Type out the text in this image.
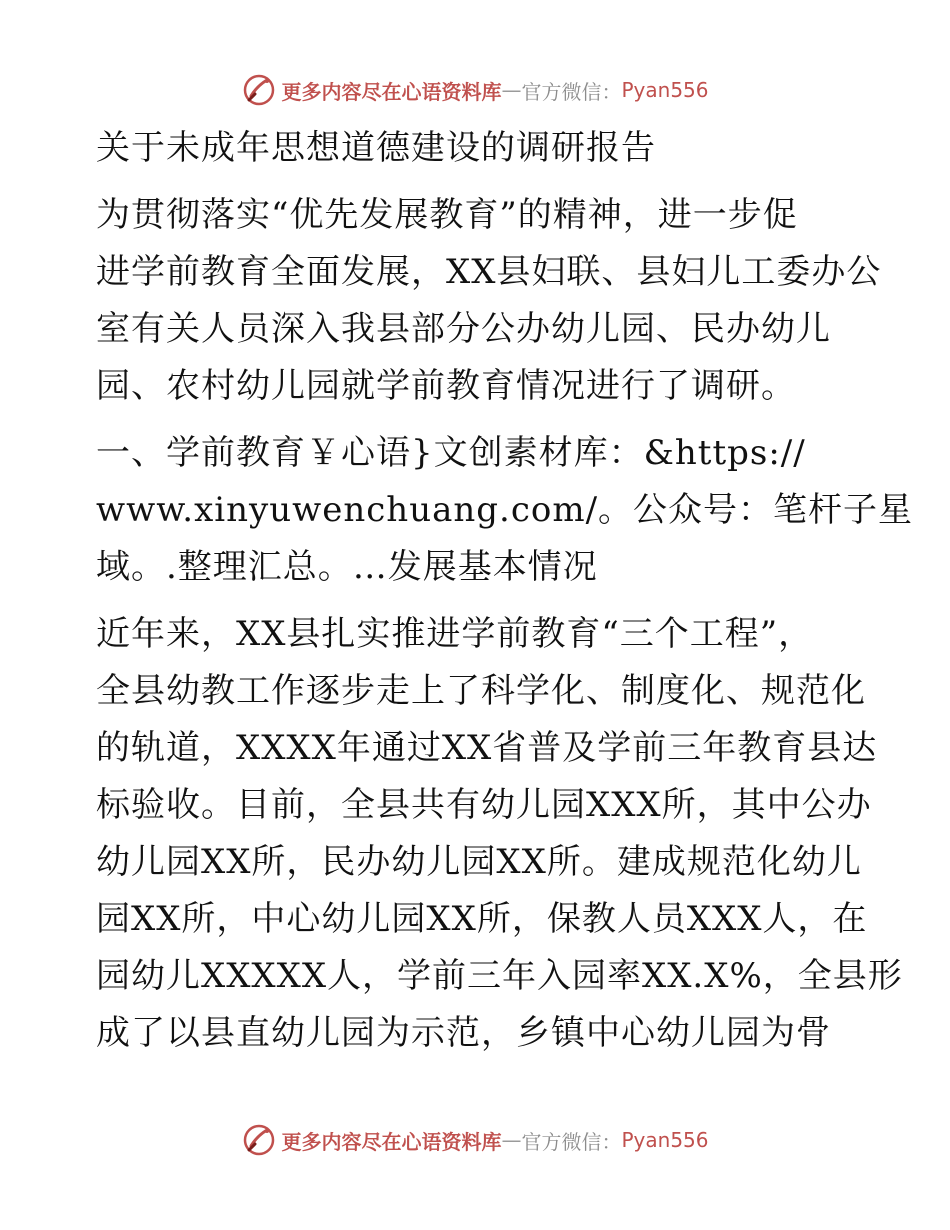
更多内容尽在心语资料库 — 官方微信： Pyan556
关于未成年思想道德建设的调研报告
为贯彻落实“优先发展教育”的精神，进一步促
进学前教育全面发展，XX县妇联、县妇儿工委办公
室有关人员深入我县部分公办幼儿园、民办幼儿
园、农村幼儿园就学前教育情况进行了调研。
一、学前教育￥心语}文创素材库：&https://
www.xinyuwenchuang.com/。公众号：笔杆子星
域。.整理汇总。…发展基本情况
近年来，XX县扎实推进学前教育“三个工程”，
全县幼教工作逐步走上了科学化、制度化、规范化
的轨道，XXXX年通过XX省普及学前三年教育县达
标验收。目前，全县共有幼儿园XXX所，其中公办
幼儿园XX所，民办幼儿园XX所。建成规范化幼儿
园XX所，中心幼儿园XX所，保教人员XXX人，在
园幼儿XXXXX人，学前三年入园率XX.X%，全县形
成了以县直幼儿园为示范，乡镇中心幼儿园为骨
更多内容尽在心语资料库 — 官方微信： Pyan556
